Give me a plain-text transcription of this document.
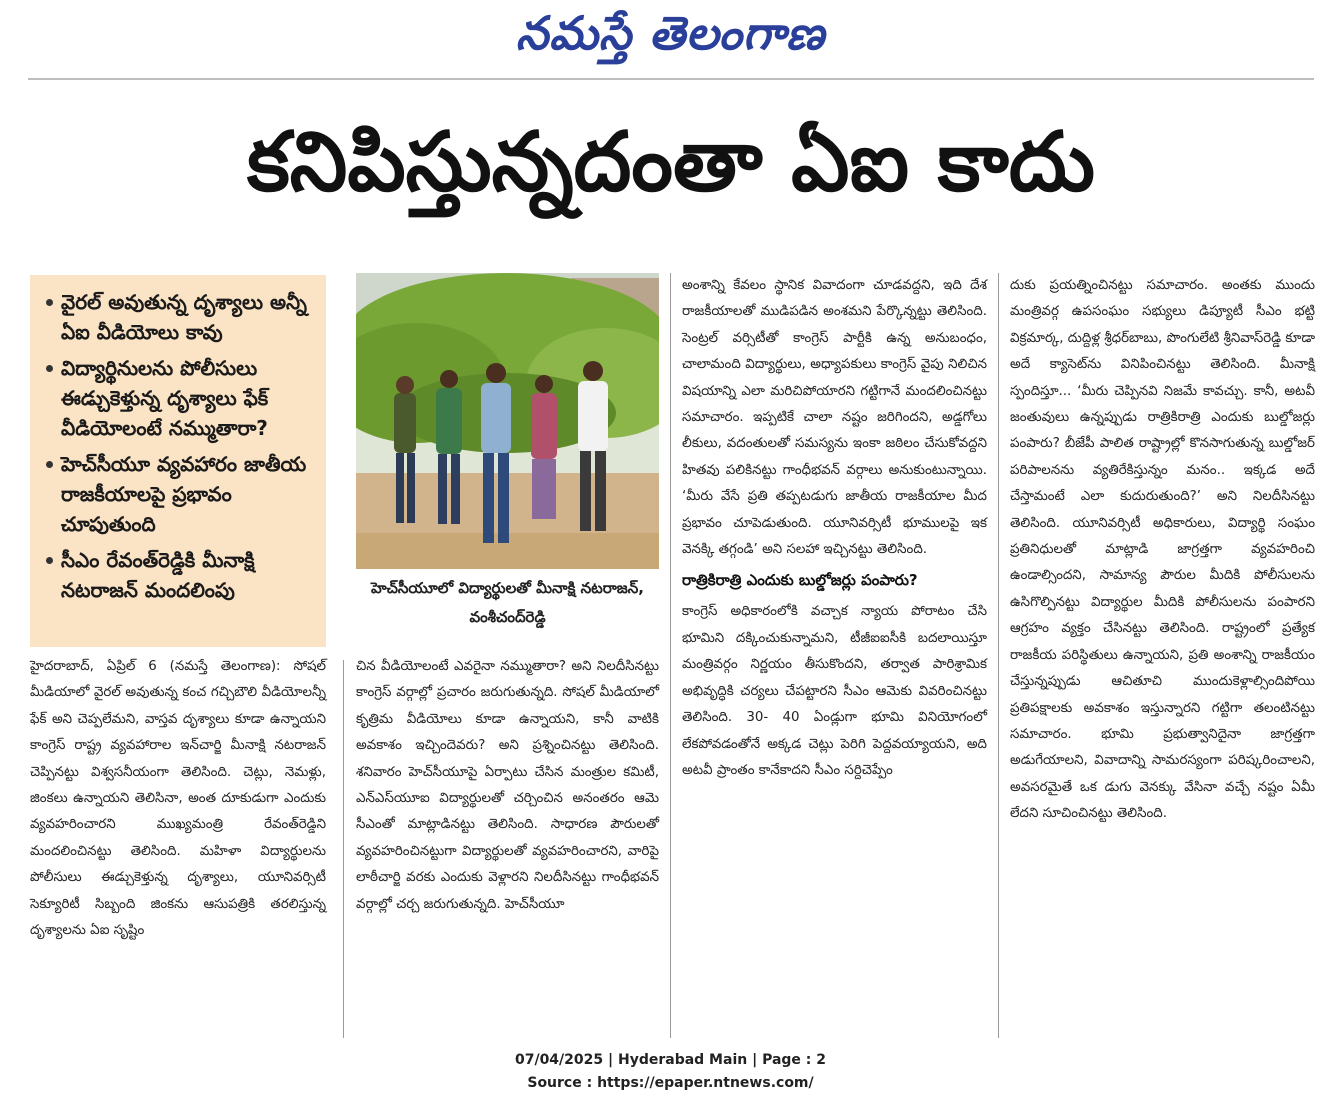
నమస్తే తెలంగాణ
కనిపిస్తున్నదంతా ఏఐ కాదు
వైరల్ అవుతున్న దృశ్యాలు అన్నీ ఏఐ వీడియోలు కావు
విద్యార్థినులను పోలీసులు ఈడ్చుకెళ్తున్న దృశ్యాలు ఫేక్ వీడియోలంటే నమ్ముతారా?
హెచ్‌సీయూ వ్యవహారం జాతీయ రాజకీయాలపై ప్రభావం చూపుతుంది
సీఎం రేవంత్‌రెడ్డికి మీనాక్షి నటరాజన్ మందలింపు	హెచ్‌సీయూలో విద్యార్థులతో మీనాక్షి నటరాజన్, వంశీచంద్‌రెడ్డి

హైదరాబాద్, ఏప్రిల్ 6 (నమస్తే తెలంగాణ): సోషల్ మీడియాలో వైరల్ అవుతున్న కంచ గచ్చిబౌలి వీడియోలన్నీ ఫేక్ అని చెప్పలేమని, వాస్తవ దృశ్యాలు కూడా ఉన్నాయని కాంగ్రెస్ రాష్ట్ర వ్యవహారాల ఇన్‌చార్జి మీనాక్షి నటరాజన్ చెప్పినట్టు విశ్వసనీయంగా తెలిసింది. చెట్లు, నెమళ్లు, జింకలు ఉన్నాయని తెలిసినా, అంత దూకుడుగా ఎందుకు వ్యవహరించారని ముఖ్యమంత్రి రేవంత్‌రెడ్డిని మందలించినట్టు తెలిసింది. మహిళా విద్యార్థులను పోలీసులు ఈడ్చుకెళ్తున్న దృశ్యాలు, యూనివర్సిటీ సెక్యూరిటీ సిబ్బంది జింకను ఆసుపత్రికి తరలిస్తున్న దృశ్యాలను ఏఐ సృష్టిం

చిన వీడియోలంటే ఎవరైనా నమ్ముతారా? అని నిలదీసినట్టు కాంగ్రెస్ వర్గాల్లో ప్రచారం జరుగుతున్నది. సోషల్ మీడియాలో కృత్రిమ వీడియోలు కూడా ఉన్నాయని, కానీ వాటికి అవకాశం ఇచ్చిందెవరు? అని ప్రశ్నించినట్టు తెలిసింది. శనివారం హెచ్‌సీయూపై ఏర్పాటు చేసిన మంత్రుల కమిటీ, ఎన్‌ఎస్‌యూఐ విద్యార్థులతో చర్చించిన అనంతరం ఆమె సీఎంతో మాట్లాడినట్టు తెలిసింది. సాధారణ పౌరులతో వ్యవహరించినట్టుగా విద్యార్థులతో వ్యవహరించారని, వారిపై లాఠీచార్జి వరకు ఎందుకు వెళ్లారని నిలదీసినట్టు గాంధీభవన్ వర్గాల్లో చర్చ జరుగుతున్నది. హెచ్‌సీయూ

అంశాన్ని కేవలం స్థానిక వివాదంగా చూడవద్దని, ఇది దేశ రాజకీయాలతో ముడిపడిన అంశమని పేర్కొన్నట్టు తెలిసింది. సెంట్రల్ వర్సిటీతో కాంగ్రెస్ పార్టీకి ఉన్న అనుబంధం, చాలామంది విద్యార్థులు, అధ్యాపకులు కాంగ్రెస్ వైపు నిలిచిన విషయాన్ని ఎలా మరిచిపోయారని గట్టిగానే మందలించినట్టు సమాచారం. ఇప్పటికే చాలా నష్టం జరిగిందని, అడ్డగోలు లీకులు, వదంతులతో సమస్యను ఇంకా జఠిలం చేసుకోవద్దని హితవు పలికినట్టు గాంధీభవన్ వర్గాలు అనుకుంటున్నాయి. ‘మీరు వేసే ప్రతి తప్పటడుగు జాతీయ రాజకీయాల మీద ప్రభావం చూపెడుతుంది. యూనివర్సిటీ భూములపై ఇక వెనక్కి తగ్గండి’ అని సలహా ఇచ్చినట్టు తెలిసింది.

రాత్రికిరాత్రి ఎందుకు బుల్డోజర్లు పంపారు?

కాంగ్రెస్ అధికారంలోకి వచ్చాక న్యాయ పోరాటం చేసి భూమిని దక్కించుకున్నామని, టీజీఐఐసీకి బదలాయిస్తూ మంత్రివర్గం నిర్ణయం తీసుకొందని, తర్వాత పారిశ్రామిక అభివృద్ధికి చర్యలు చేపట్టారని సీఎం ఆమెకు వివరించినట్టు తెలిసింది. 30- 40 ఏండ్లుగా భూమి వినియోగంలో లేకపోవడంతోనే అక్కడ చెట్లు పెరిగి పెద్దవయ్యాయని, అది అటవీ ప్రాంతం కానేకాదని సీఎం సర్దిచెప్పేం

దుకు ప్రయత్నించినట్టు సమాచారం. అంతకు ముందు మంత్రివర్గ ఉపసంఘం సభ్యులు డిప్యూటీ సీఎం భట్టి విక్రమార్క, దుద్దిళ్ల శ్రీధర్‌బాబు, పొంగులేటి శ్రీనివాస్‌రెడ్డి కూడా అదే క్యాసెట్‌ను వినిపించినట్టు తెలిసింది. మీనాక్షి స్పందిస్తూ... ‘మీరు చెప్పినవి నిజమే కావచ్చు. కానీ, అటవీ జంతువులు ఉన్నప్పుడు రాత్రికిరాత్రి ఎందుకు బుల్డోజర్లు పంపారు? బీజేపీ పాలిత రాష్ట్రాల్లో కొనసాగుతున్న బుల్డోజర్ పరిపాలనను వ్యతిరేకిస్తున్నం మనం.. ఇక్కడ అదే చేస్తామంటే ఎలా కుదురుతుంది?’ అని నిలదీసినట్టు తెలిసింది. యూనివర్సిటీ అధికారులు, విద్యార్థి సంఘం ప్రతినిధులతో మాట్లాడి జాగ్రత్తగా వ్యవహరించి ఉండాల్సిందని, సామాన్య పౌరుల మీదికి పోలీసులను ఉసిగొల్పినట్టు విద్యార్థుల మీదికి పోలీసులను పంపారని ఆగ్రహం వ్యక్తం చేసినట్టు తెలిసింది. రాష్ట్రంలో ప్రత్యేక రాజకీయ పరిస్థితులు ఉన్నాయని, ప్రతి అంశాన్ని రాజకీయం చేస్తున్నప్పుడు ఆచితూచి ముందుకెళ్లాల్సిందిపోయి ప్రతిపక్షాలకు అవకాశం ఇస్తున్నారని గట్టిగా తలంటినట్టు సమాచారం. భూమి ప్రభుత్వానిదైనా జాగ్రత్తగా అడుగేయాలని, వివాదాన్ని సామరస్యంగా పరిష్కరించాలని, అవసరమైతే ఒక డుగు వెనక్కు వేసినా వచ్చే నష్టం ఏమీ లేదని సూచించినట్టు తెలిసింది.

07/04/2025 | Hyderabad Main | Page : 2
Source : https://epaper.ntnews.com/
